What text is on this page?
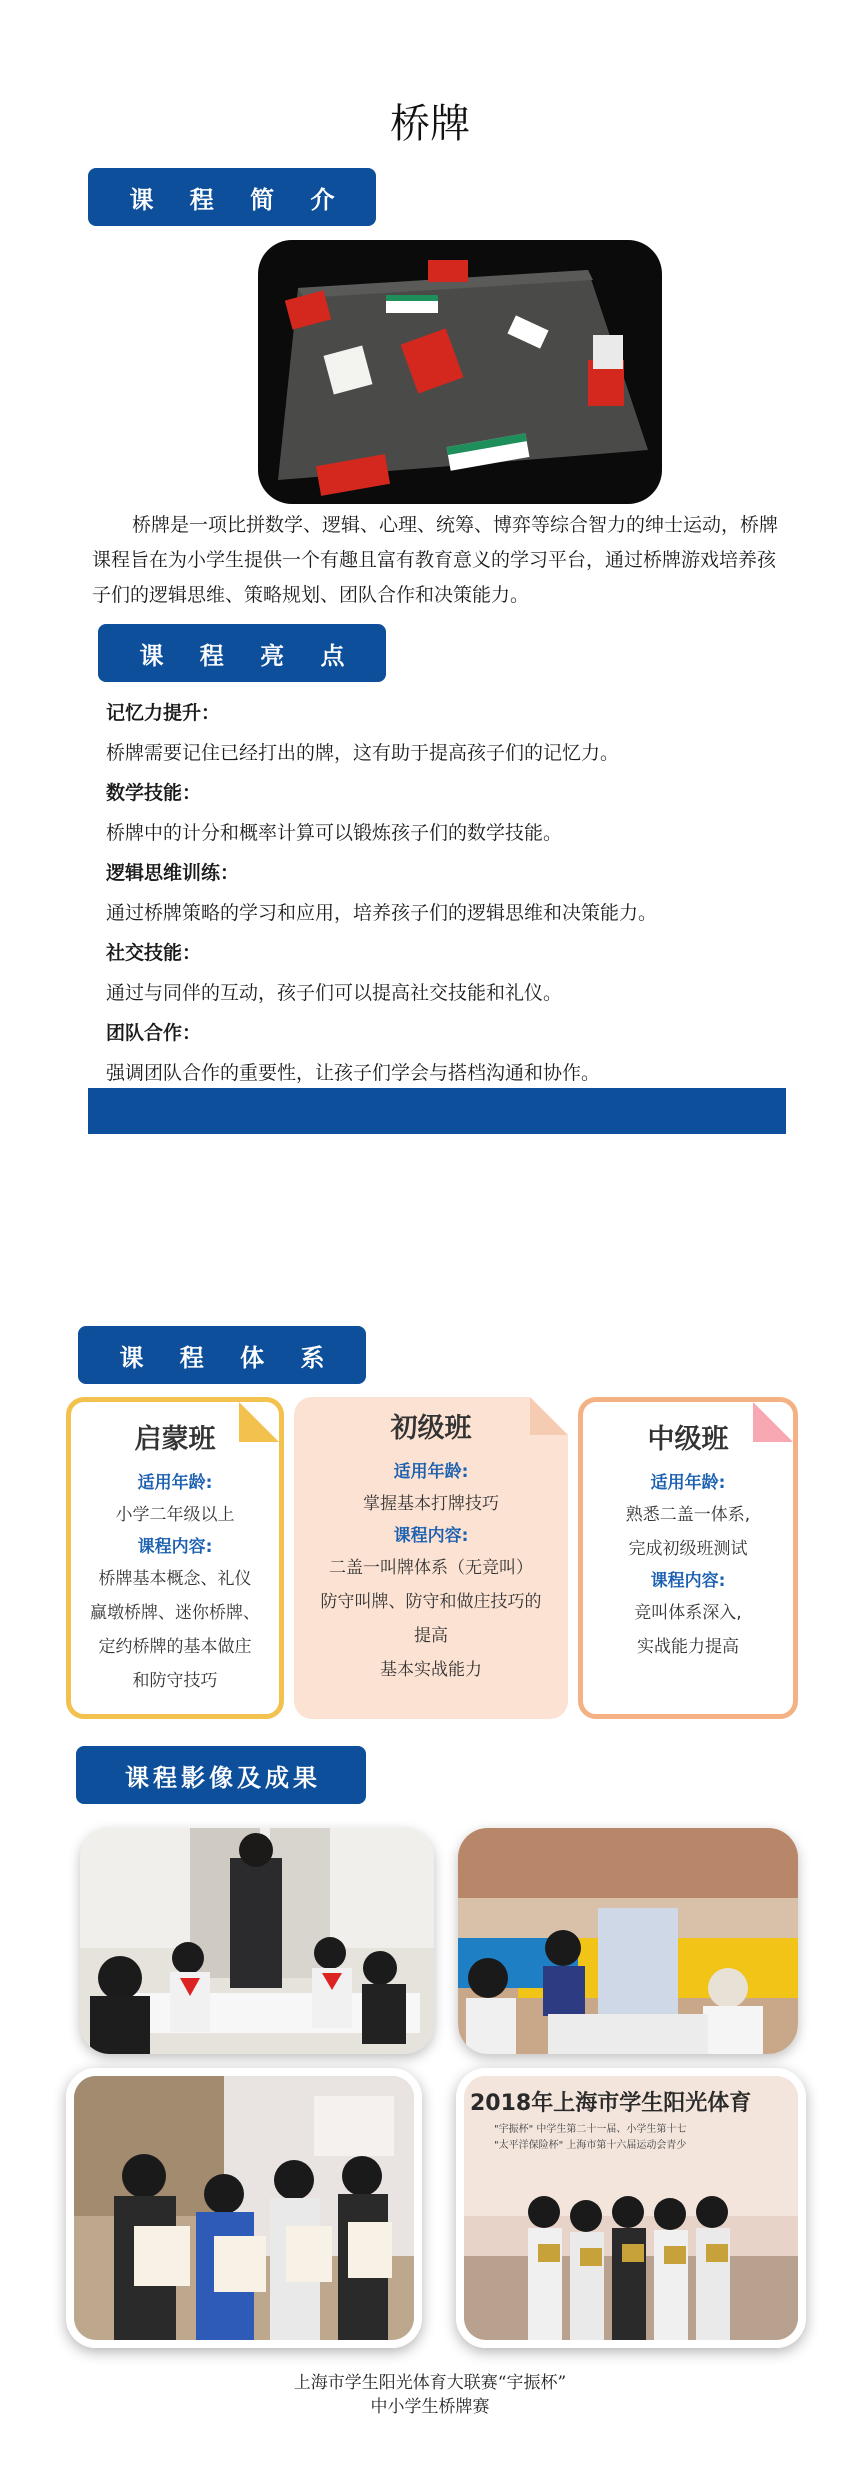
桥牌
课 程 简 介

桥牌是一项比拼数学、逻辑、心理、统筹、博弈等综合智力的绅士运动，桥牌课程旨在为小学生提供一个有趣且富有教育意义的学习平台，通过桥牌游戏培养孩子们的逻辑思维、策略规划、团队合作和决策能力。

课 程 亮 点
记忆力提升：
桥牌需要记住已经打出的牌，这有助于提高孩子们的记忆力。
数学技能：
桥牌中的计分和概率计算可以锻炼孩子们的数学技能。
逻辑思维训练：
通过桥牌策略的学习和应用，培养孩子们的逻辑思维和决策能力。
社交技能：
通过与同伴的互动，孩子们可以提高社交技能和礼仪。
团队合作：
强调团队合作的重要性，让孩子们学会与搭档沟通和协作。
课 程 体 系
启蒙班
适用年龄:
小学二年级以上
课程内容:
桥牌基本概念、礼仪
赢墩桥牌、迷你桥牌、
定约桥牌的基本做庄
和防守技巧
初级班
适用年龄:
掌握基本打牌技巧
课程内容:
二盖一叫牌体系（无竞叫）
防守叫牌、防守和做庄技巧的
提高
基本实战能力
中级班
适用年龄:
熟悉二盖一体系,
完成初级班测试
课程内容:
竞叫体系深入,
实战能力提高
课程影像及成果
2018年上海市学生阳光体育
"宇振杯" 中学生第二十一届、小学生第十七
"太平洋保险杯" 上海市第十六届运动会青少
上海市学生阳光体育大联赛“宇振杯”
中小学生桥牌赛
